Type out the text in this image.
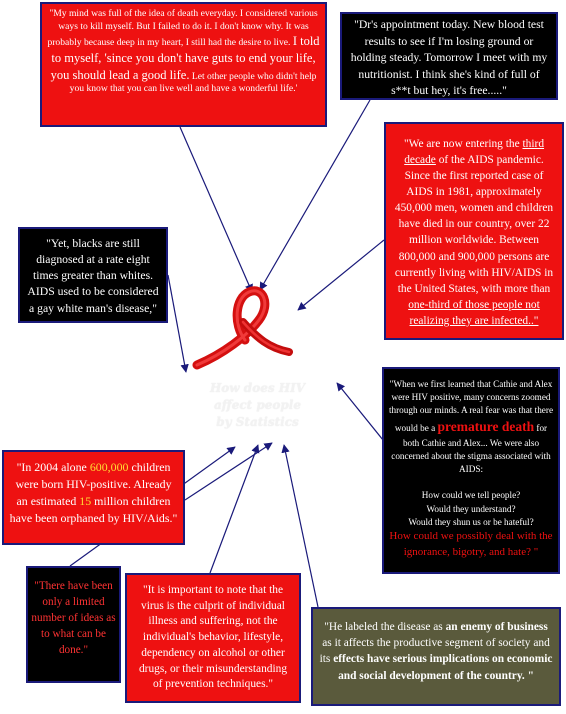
How does HIV
affect people
by Statistics
"My mind was full of the idea of death everyday. I considered various ways to kill myself. But I failed to do it. I don't know why. It was probably because deep in my heart, I still had the desire to live. I told to myself, 'since you don't have guts to end your life, you should lead a good life. Let other people who didn't help you know that you can live well and have a wonderful life.'
"Dr's appointment today. New blood test results to see if I'm losing ground or holding steady. Tomorrow I meet with my nutritionist. I think she's kind of full of s**t but hey, it's free....."
"We are now entering the third decade of the AIDS pandemic. Since the first reported case of AIDS in 1981, approximately 450,000 men, women and children have died in our country, over 22 million worldwide. Between 800,000 and 900,000 persons are currently living with HIV/AIDS in the United States, with more than one-third of those people not realizing they are infected.."
"Yet, blacks are still diagnosed at a rate eight times greater than whites. AIDS used to be considered a gay white man's disease,"
"When we first learned that Cathie and Alex were HIV positive, many concerns zoomed through our minds. A real fear was that there would be a premature death for both Cathie and Alex... We were also concerned about the stigma associated with AIDS:

How could we tell people?
Would they understand?
Would they shun us or be hateful?
How could we possibly deal with the ignorance, bigotry, and hate? "
"In 2004 alone 600,000 children were born HIV-positive. Already an estimated 15 million children have been orphaned by HIV/Aids."
"There have been only a limited number of ideas as to what can be done."
"It is important to note that the virus is the culprit of individual illness and suffering, not the individual's behavior, lifestyle, dependency on alcohol or other drugs, or their misunderstanding of prevention techniques."
"He labeled the disease as an enemy of business as it affects the productive segment of society and its effects have serious implications on economic and social development of the country. "
